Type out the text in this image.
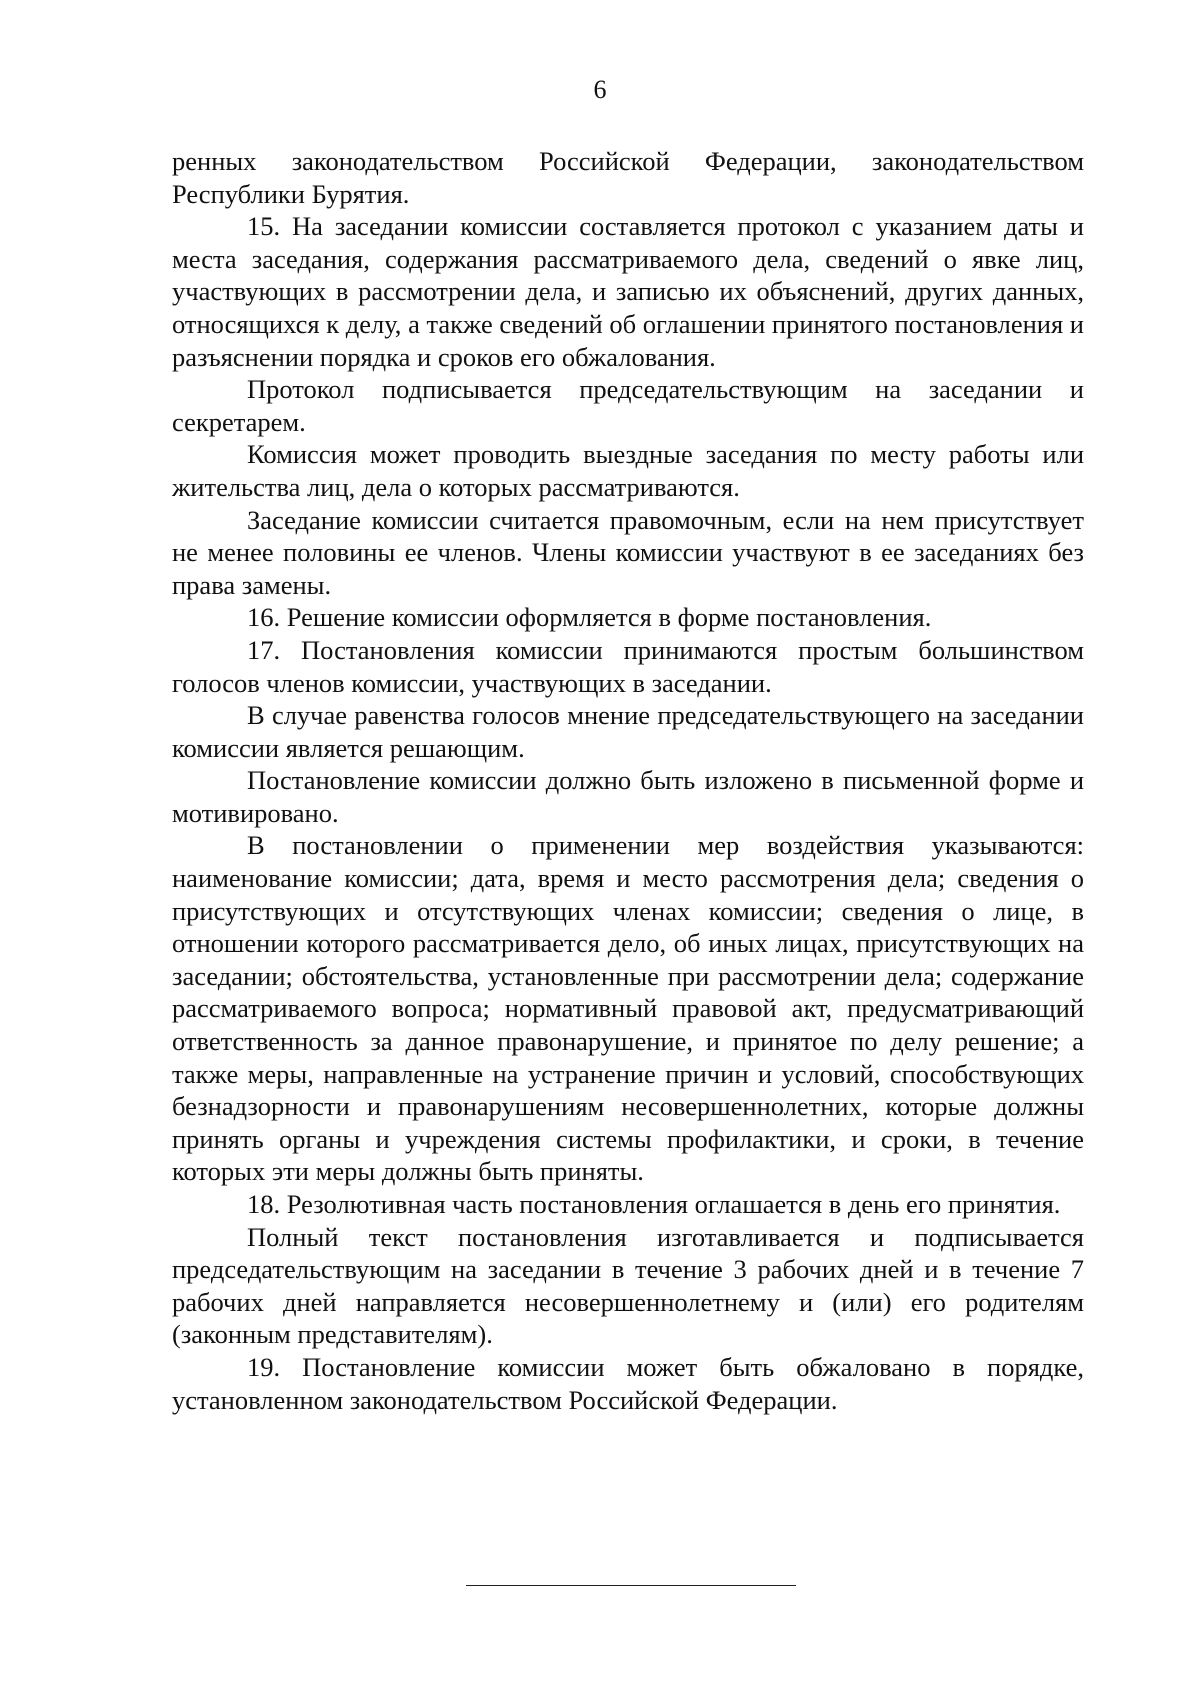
6

ренных законодательством Российской Федерации, законодательством Республики Бурятия.

15. На заседании комиссии составляется протокол с указанием даты и места заседания, содержания рассматриваемого дела, сведений о явке лиц, участвующих в рассмотрении дела, и записью их объяснений, других данных, относящихся к делу, а также сведений об оглашении принятого постановления и разъяснении порядка и сроков его обжалования.

Протокол подписывается председательствующим на заседании и секретарем.

Комиссия может проводить выездные заседания по месту работы или жительства лиц, дела о которых рассматриваются.

Заседание комиссии считается правомочным, если на нем присутствует не менее половины ее членов. Члены комиссии участвуют в ее заседаниях без права замены.

16. Решение комиссии оформляется в форме постановления.

17. Постановления комиссии принимаются простым большинством голосов членов комиссии, участвующих в заседании.

В случае равенства голосов мнение председательствующего на заседании комиссии является решающим.

Постановление комиссии должно быть изложено в письменной форме и мотивировано.

В постановлении о применении мер воздействия указываются: наименование комиссии; дата, время и место рассмотрения дела; сведения о присутствующих и отсутствующих членах комиссии; сведения о лице, в отношении которого рассматривается дело, об иных лицах, присутствующих на заседании; обстоятельства, установленные при рассмотрении дела; содержание рассматриваемого вопроса; нормативный правовой акт, предусматривающий ответственность за данное правонарушение, и принятое по делу решение; а также меры, направленные на устранение причин и условий, способствующих безнадзорности и правонарушениям несовершеннолетних, которые должны принять органы и учреждения системы профилактики, и сроки, в течение которых эти меры должны быть приняты.

18. Резолютивная часть постановления оглашается в день его принятия.

Полный текст постановления изготавливается и подписывается председательствующим на заседании в течение 3 рабочих дней и в течение 7 рабочих дней направляется несовершеннолетнему и (или) его родителям (законным представителям).

19. Постановление комиссии может быть обжаловано в порядке, установленном законодательством Российской Федерации.
